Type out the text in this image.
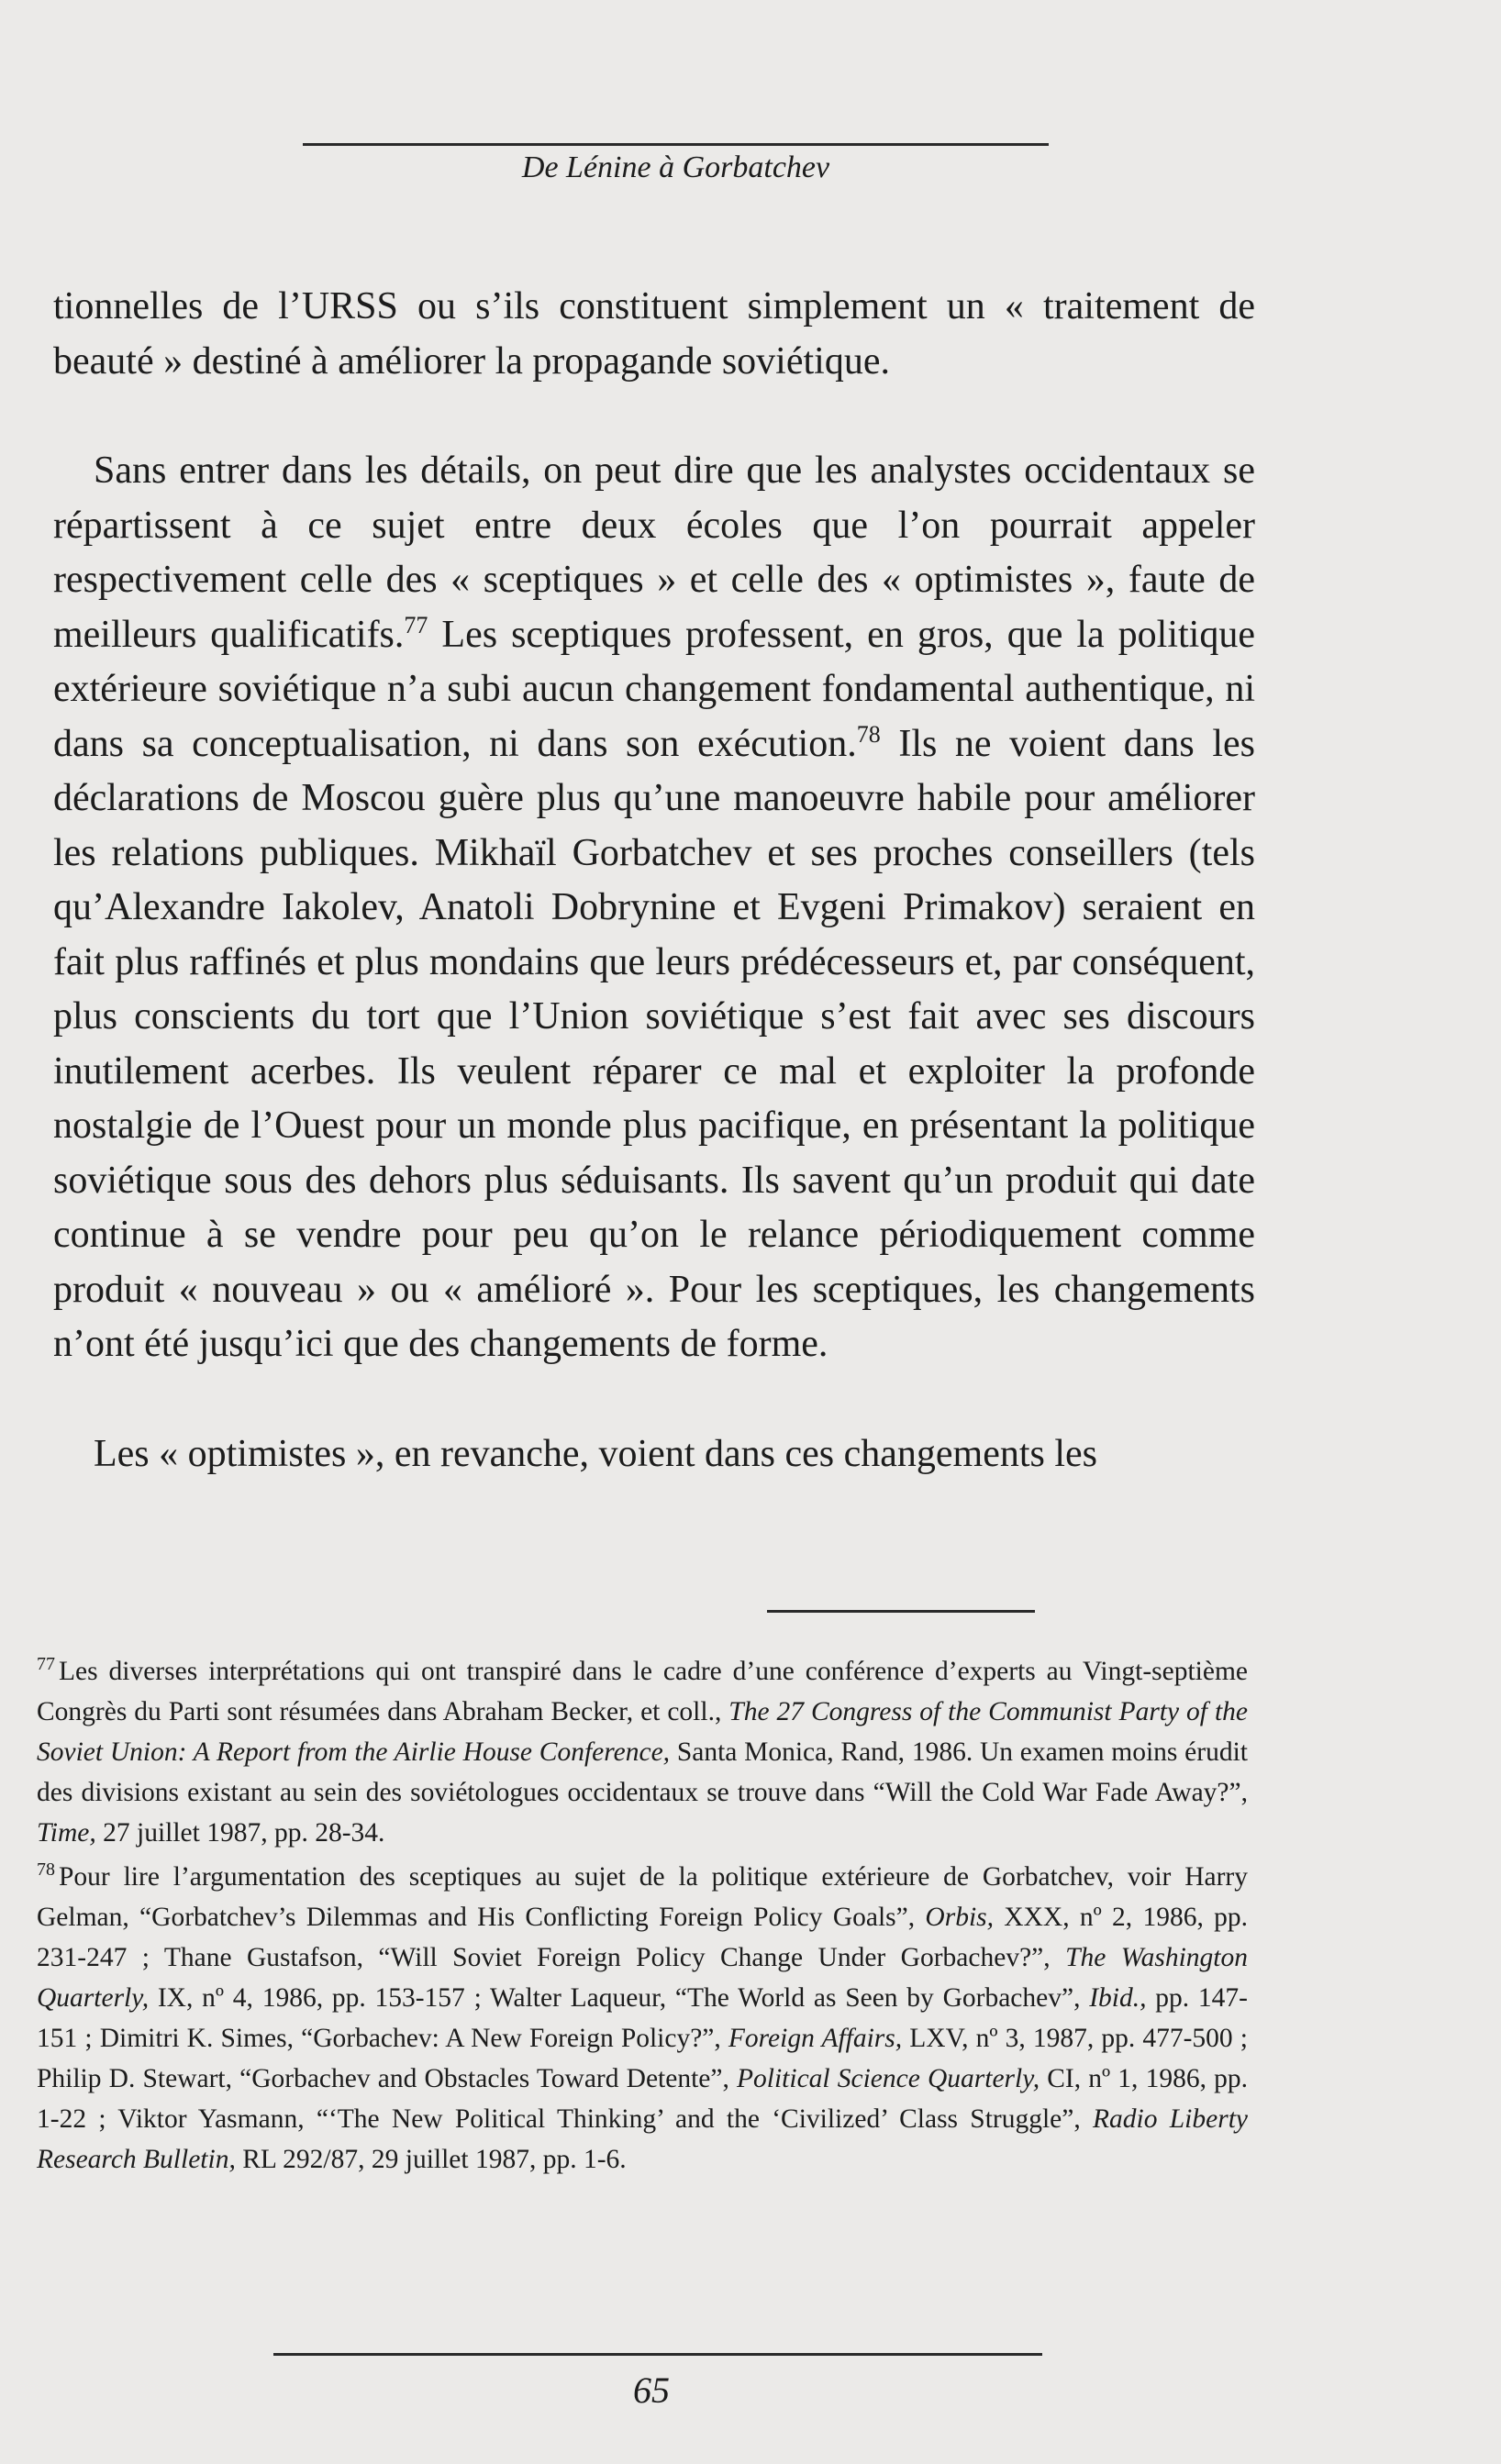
De Lénine à Gorbatchev

tionnelles de l’URSS ou s’ils constituent simplement un « traitement de beauté » destiné à améliorer la propagande soviétique.

Sans entrer dans les détails, on peut dire que les analystes occidentaux se répartissent à ce sujet entre deux écoles que l’on pourrait appeler respectivement celle des « sceptiques » et celle des « optimistes », faute de meilleurs qualificatifs.$^{77}$ Les sceptiques professent, en gros, que la politique extérieure soviétique n’a subi aucun changement fondamental authentique, ni dans sa conceptualisation, ni dans son exécution.$^{78}$ Ils ne voient dans les déclarations de Moscou guère plus qu’une manoeuvre habile pour améliorer les relations publiques. Mikhaïl Gorbatchev et ses proches conseillers (tels qu’Alexandre Iakolev, Anatoli Dobrynine et Evgeni Primakov) seraient en fait plus raffinés et plus mondains que leurs prédécesseurs et, par conséquent, plus conscients du tort que l’Union soviétique s’est fait avec ses discours inutilement acerbes. Ils veulent réparer ce mal et exploiter la profonde nostalgie de l’Ouest pour un monde plus pacifique, en présentant la politique soviétique sous des dehors plus séduisants. Ils savent qu’un produit qui date continue à se vendre pour peu qu’on le relance périodiquement comme produit « nouveau » ou « amélioré ». Pour les sceptiques, les changements n’ont été jusqu’ici que des changements de forme.

Les « optimistes », en revanche, voient dans ces changements les

$^{77}$ Les diverses interprétations qui ont transpiré dans le cadre d’une conférence d’experts au Vingt-septième Congrès du Parti sont résumées dans Abraham Becker, et coll., The 27 Congress of the Communist Party of the Soviet Union: A Report from the Airlie House Conference, Santa Monica, Rand, 1986. Un examen moins érudit des divisions existant au sein des soviétologues occidentaux se trouve dans “Will the Cold War Fade Away?”, Time, 27 juillet 1987, pp. 28-34.

$^{78}$ Pour lire l’argumentation des sceptiques au sujet de la politique extérieure de Gorbatchev, voir Harry Gelman, “Gorbatchev’s Dilemmas and His Conflicting Foreign Policy Goals”, Orbis, XXX, nº 2, 1986, pp. 231-247 ; Thane Gustafson, “Will Soviet Foreign Policy Change Under Gorbachev?”, The Washington Quarterly, IX, nº 4, 1986, pp. 153-157 ; Walter Laqueur, “The World as Seen by Gorbachev”, Ibid., pp. 147-151 ; Dimitri K. Simes, “Gorbachev: A New Foreign Policy?”, Foreign Affairs, LXV, nº 3, 1987, pp. 477-500 ; Philip D. Stewart, “Gorbachev and Obstacles Toward Detente”, Political Science Quarterly, CI, nº 1, 1986, pp. 1-22 ; Viktor Yasmann, “‘The New Political Thinking’ and the ‘Civilized’ Class Struggle”, Radio Liberty Research Bulletin, RL 292/87, 29 juillet 1987, pp. 1-6.

65
